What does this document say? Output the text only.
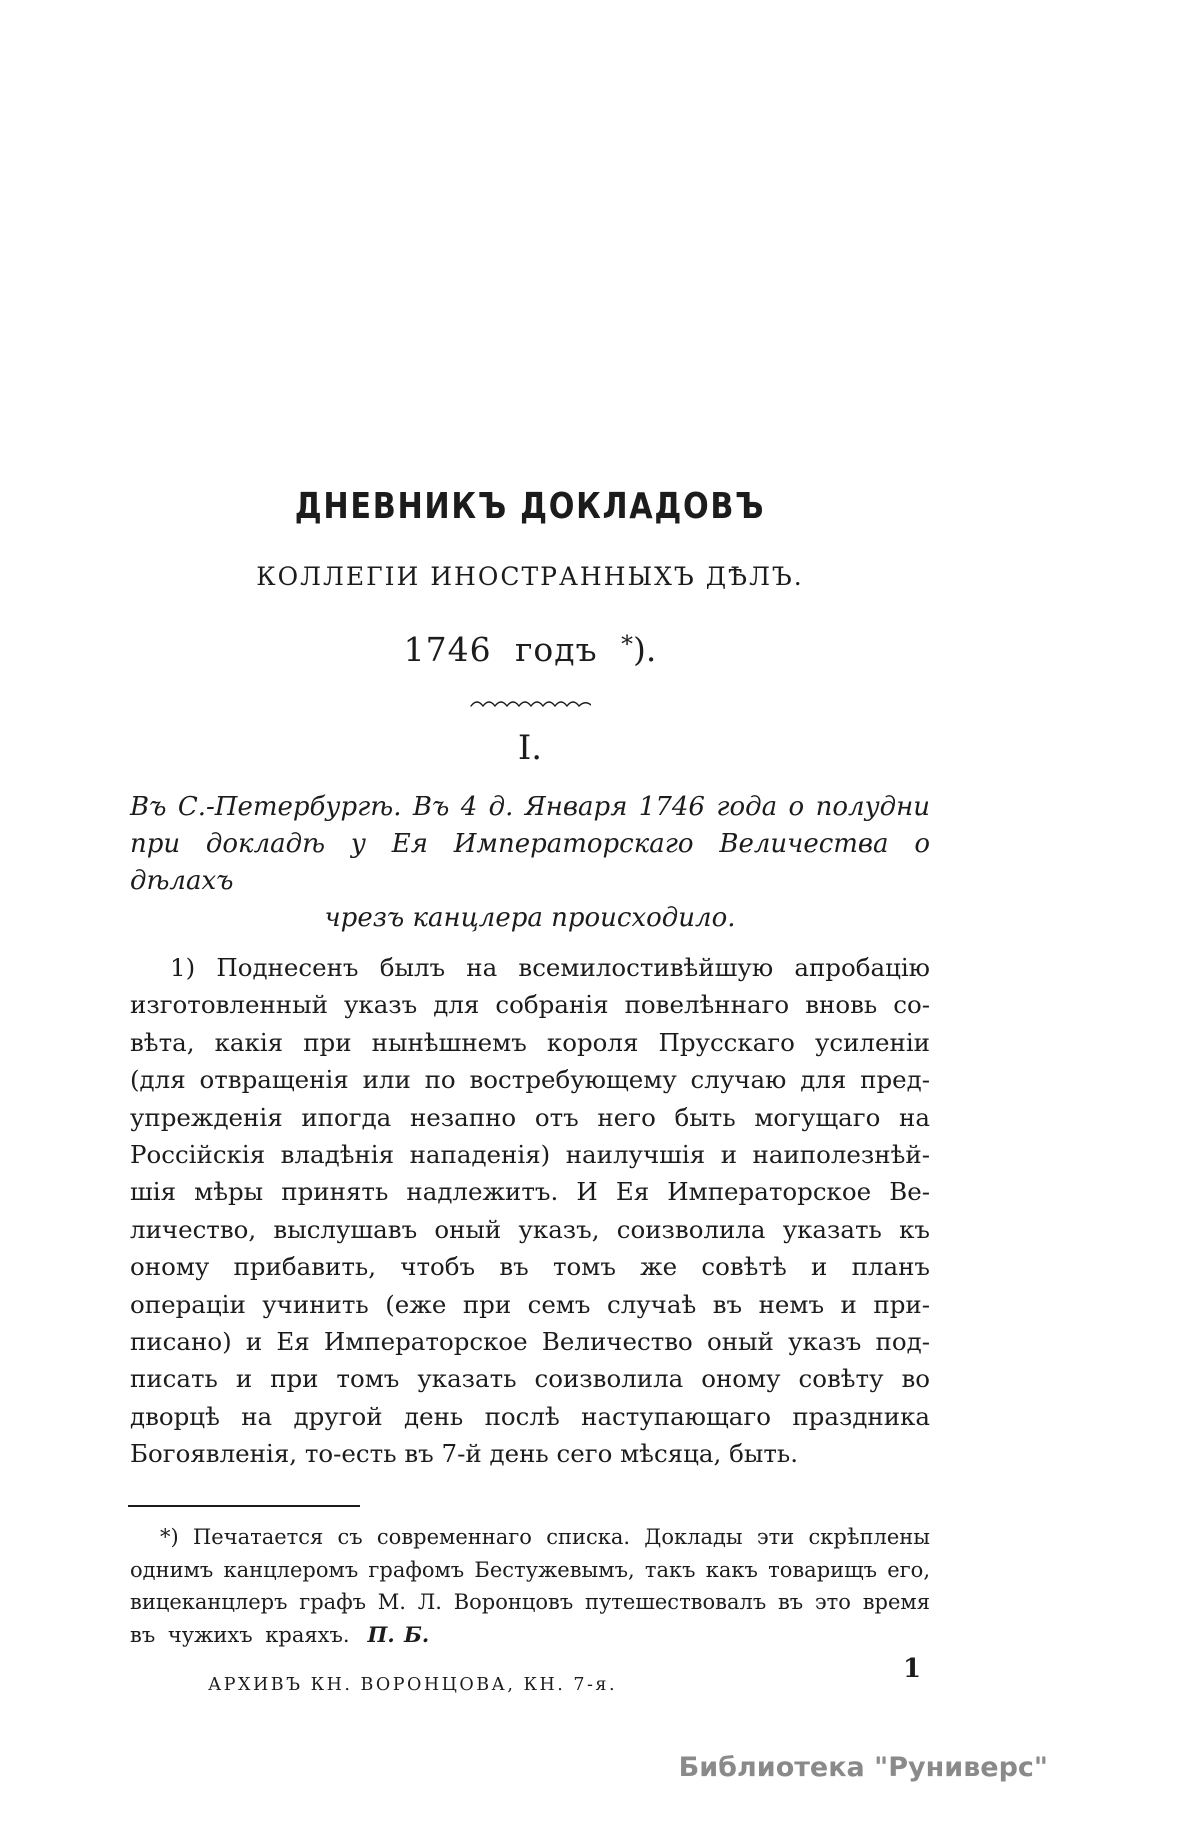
ДНЕВНИКЪ ДОКЛАДОВЪ
КОЛЛЕГІИ ИНОСТРАННЫХЪ ДѢЛЪ.
1746 годъ *).
I.
Въ С.-Петербургѣ. Въ 4 д. Января 1746 года о полудни
при докладѣ у Ея Императорскаго Величества о дѣлахъ
чрезъ канцлера происходило.
1) Поднесенъ былъ на всемилостивѣйшую апробацію
изготовленный указъ для собранія повелѣннаго вновь со-
вѣта, какія при нынѣшнемъ короля Прусскаго усиленіи
(для отвращенія или по востребующему случаю для пред-
упрежденія ипогда незапно отъ него быть могущаго на
Россійскія владѣнія нападенія) наилучшія и наиполезнѣй-
шія мѣры принять надлежитъ. И Ея Императорское Ве-
личество, выслушавъ оный указъ, соизволила указать къ
оному прибавить, чтобъ въ томъ же совѣтѣ и планъ
операціи учинить (еже при семъ случаѣ въ немъ и при-
писано) и Ея Императорское Величество оный указъ под-
писать и при томъ указать соизволила оному совѣту во
дворцѣ на другой день послѣ наступающаго праздника
Богоявленія, то-есть въ 7-й день сего мѣсяца, быть.
*) Печатается съ современнаго списка. Доклады эти скрѣплены
однимъ канцлеромъ графомъ Бестужевымъ, такъ какъ товарищъ его,
вицеканцлеръ графъ М. Л. Воронцовъ путешествовалъ въ это время
въ чужихъ краяхъ. П. Б.
АРХИВЪ КН. ВОРОНЦОВА, КН. 7-я.
1
Библиотека "Руниверс"
